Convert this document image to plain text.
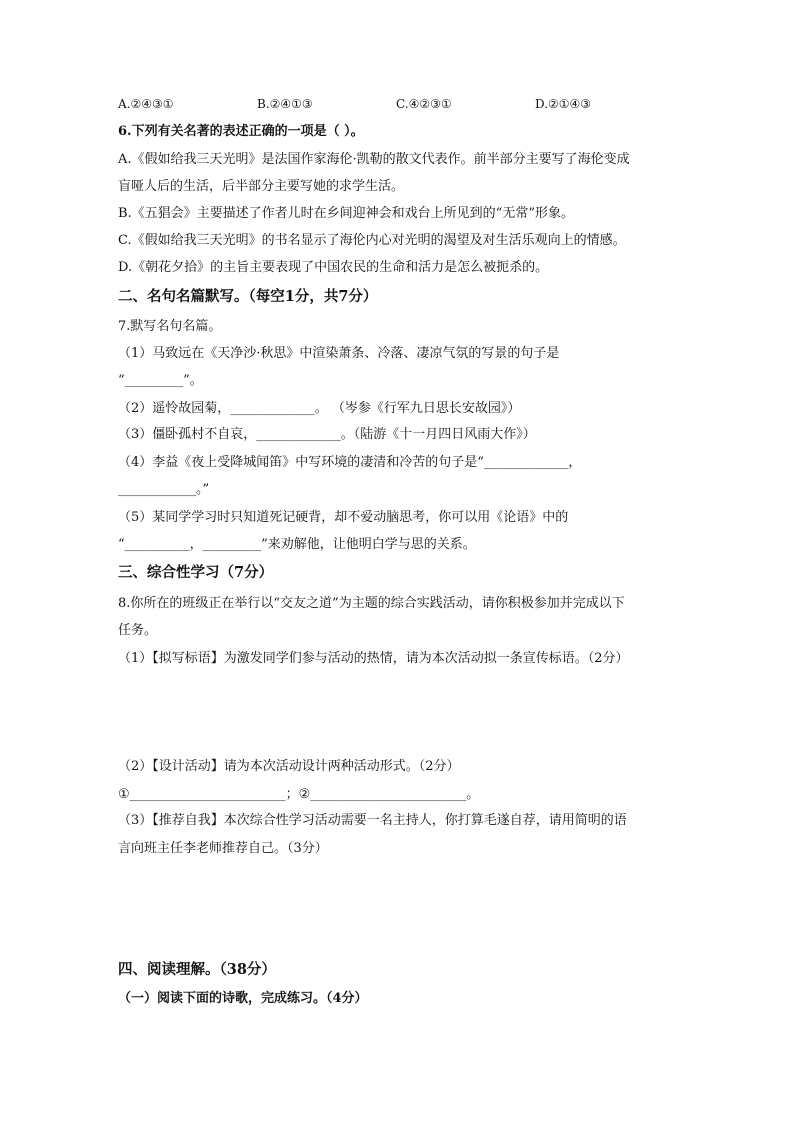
A.②④③①	B.②④①③	C.④②③①	D.②①④③
6.下列有关名著的表述正确的一项是（ ）。
A.《假如给我三天光明》是法国作家海伦·凯勒的散文代表作。前半部分主要写了海伦变成
盲哑人后的生活，后半部分主要写她的求学生活。
B.《五猖会》主要描述了作者儿时在乡间迎神会和戏台上所见到的“无常”形象。
C.《假如给我三天光明》的书名显示了海伦内心对光明的渴望及对生活乐观向上的情感。
D.《朝花夕拾》的主旨主要表现了中国农民的生命和活力是怎么被扼杀的。
二、名句名篇默写。（每空1分，共7分）
7.默写名句名篇。
（1）马致远在《天净沙·秋思》中渲染萧条、冷落、凄凉气氛的写景的句子是
“_________”。
（2）遥怜故园菊，_____________。 （岑参《行军九日思长安故园》）
（3）僵卧孤村不自哀，_____________。（陆游《十一月四日风雨大作》）
（4）李益《夜上受降城闻笛》中写环境的凄清和冷苦的句子是“_____________，
____________。”
（5）某同学学习时只知道死记硬背，却不爱动脑思考，你可以用《论语》中的
“__________，_________”来劝解他，让他明白学与思的关系。
三、综合性学习（7分）
8.你所在的班级正在举行以“交友之道”为主题的综合实践活动，请你积极参加并完成以下
任务。
（1）【拟写标语】为激发同学们参与活动的热情，请为本次活动拟一条宣传标语。（2分）
（2）【设计活动】请为本次活动设计两种活动形式。（2分）
①________________________；②________________________。
（3）【推荐自我】本次综合性学习活动需要一名主持人，你打算毛遂自荐，请用简明的语
言向班主任李老师推荐自己。（3分）
四、阅读理解。（38分）
（一）阅读下面的诗歌，完成练习。（4分）
